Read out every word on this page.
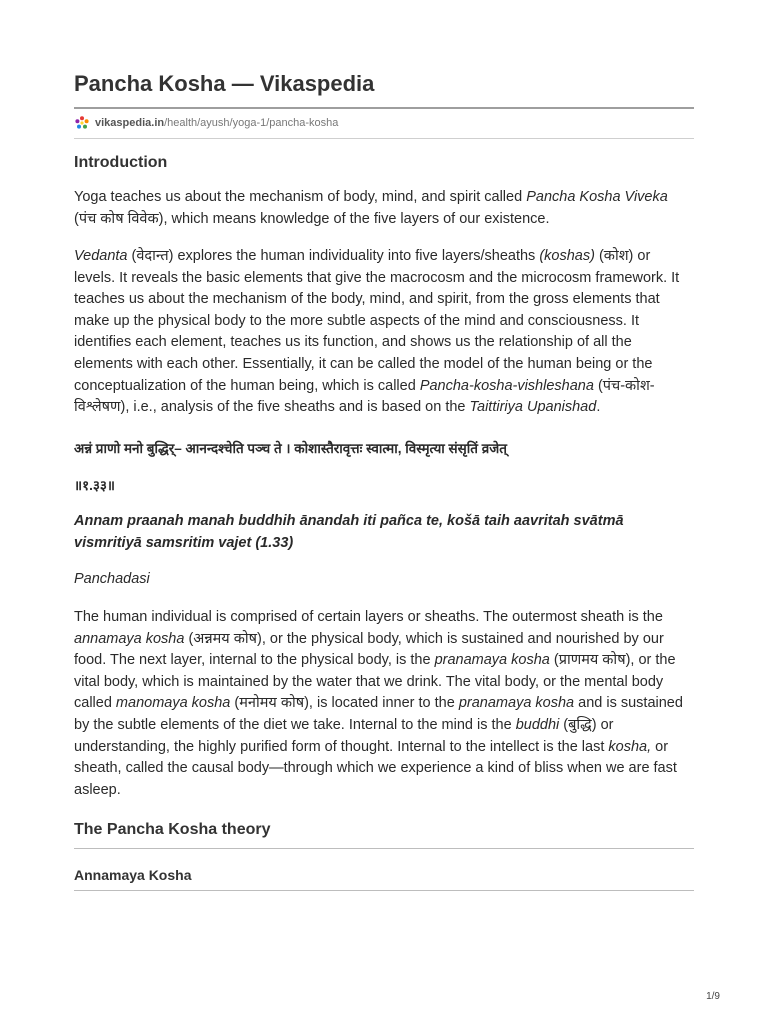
Pancha Kosha — Vikaspedia
vikaspedia.in /health/ayush/yoga-1/pancha-kosha
Introduction

Yoga teaches us about the mechanism of body, mind, and spirit called Pancha Kosha Viveka
(पंच कोष विवेक), which means knowledge of the five layers of our existence.

Vedanta (वेदान्त) explores the human individuality into five layers/sheaths (koshas) (कोश) or levels. It reveals the basic elements that give the macrocosm and the microcosm framework. It teaches us about the mechanism of the body, mind, and spirit, from the gross elements that make up the physical body to the more subtle aspects of the mind and consciousness. It identifies each element, teaches us its function, and shows us the relationship of all the elements with each other. Essentially, it can be called the model of the human being or the conceptualization of the human being, which is called Pancha-kosha-vishleshana (पंच-कोश-विश्लेषण), i.e., analysis of the five sheaths and is based on the Taittiriya Upanishad.

अन्नं प्राणो मनो बुद्धिर्– आनन्दश्चेति पञ्च ते । कोशास्तैरावृत्तः स्वात्मा, विस्मृत्या संसृतिं व्रजेत्

॥१.३३॥

Annam praanah manah buddhih ānandah iti pañca te, košā taih aavritah svātmā vismritiyā samsritim vajet (1.33)

Panchadasi

The human individual is comprised of certain layers or sheaths. The outermost sheath is the annamaya kosha (अन्नमय कोष), or the physical body, which is sustained and nourished by our food. The next layer, internal to the physical body, is the pranamaya kosha (प्राणमय कोष), or the vital body, which is maintained by the water that we drink. The vital body, or the mental body called manomaya kosha (मनोमय कोष), is located inner to the pranamaya kosha and is sustained by the subtle elements of the diet we take. Internal to the mind is the buddhi (बुद्धि) or understanding, the highly purified form of thought. Internal to the intellect is the last kosha, or sheath, called the causal body—through which we experience a kind of bliss when we are fast asleep.

The Pancha Kosha theory
Annamaya Kosha
1/9
